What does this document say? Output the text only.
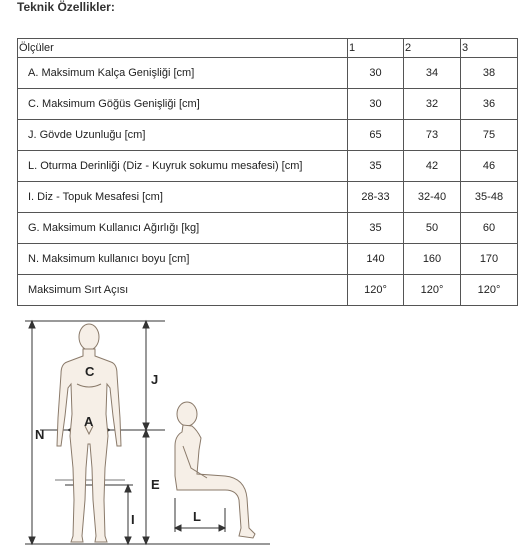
Teknik Özellikler:
Ölçüler	1	2	3
A. Maksimum Kalça Genişliği [cm]	30	34	38
C. Maksimum Göğüs Genişliği [cm]	30	32	36
J. Gövde Uzunluğu [cm]	65	73	75
L. Oturma Derinliği (Diz - Kuyruk sokumu mesafesi) [cm]	35	42	46
I. Diz - Topuk Mesafesi [cm]	28-33	32-40	35-48
G. Maksimum Kullanıcı Ağırlığı [kg]	35	50	60
N. Maksimum kullanıcı boyu [cm]	140	160	170
Maksimum Sırt Açısı	120°	120°	120°
N
C
A
J
E
I	L
